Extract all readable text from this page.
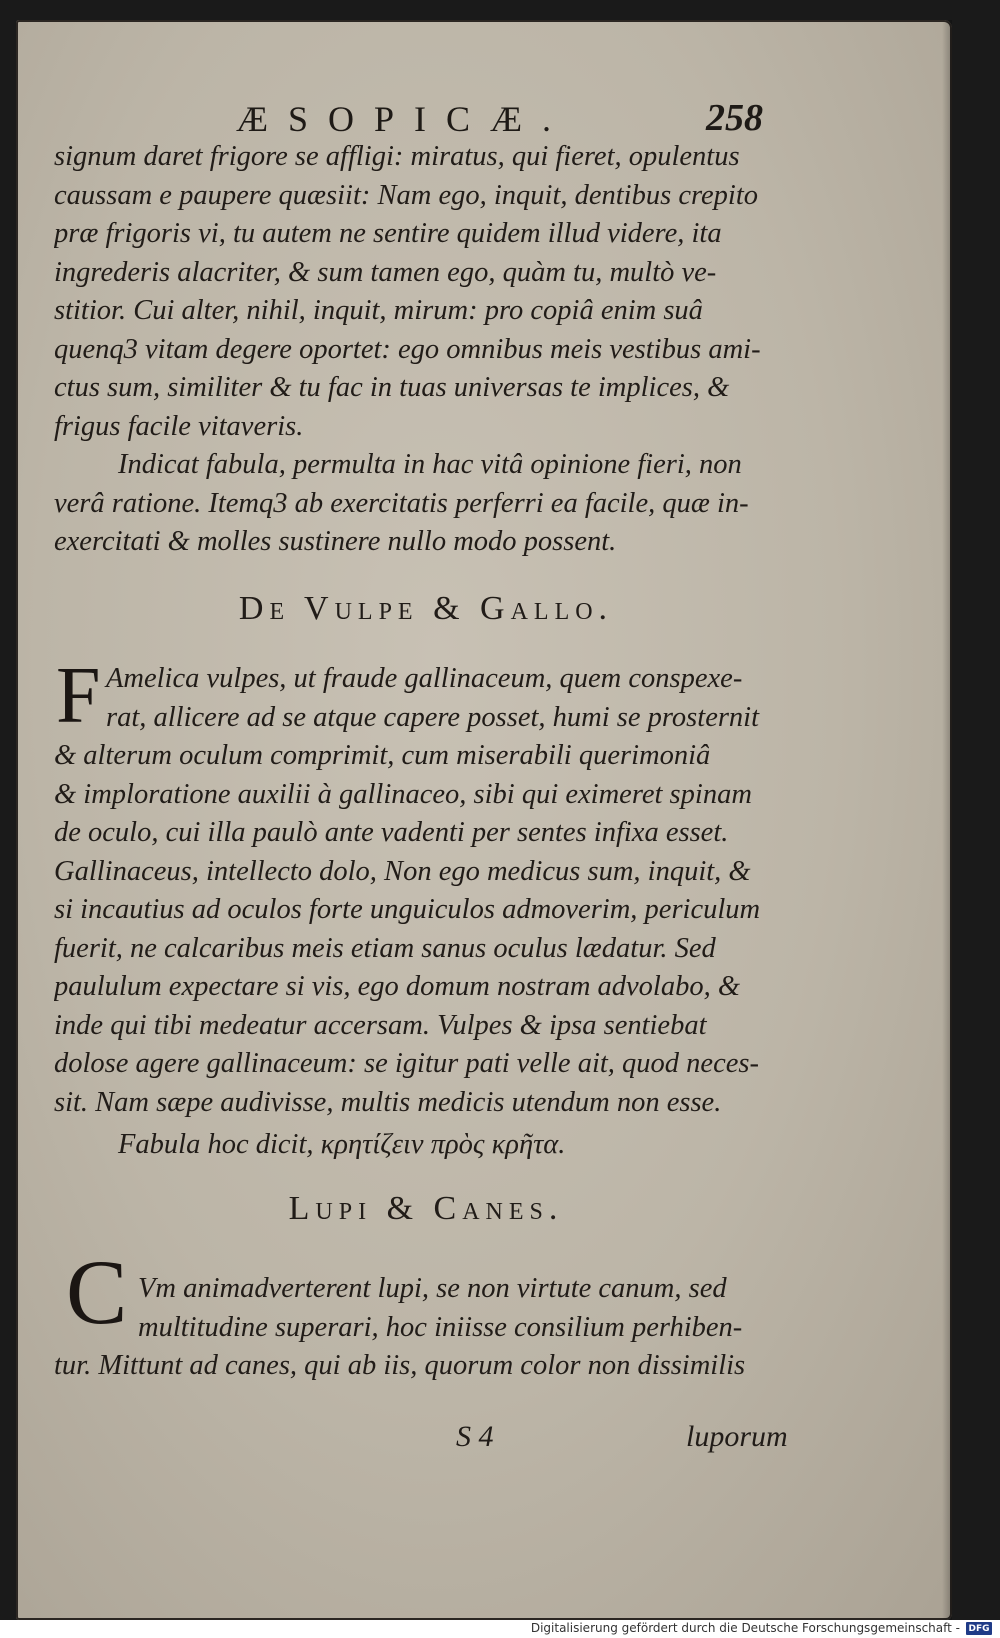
ÆSOPICÆ.	258
signum daret frigore se affligi: miratus, qui fieret, opulentus
caussam e paupere quæsiit: Nam ego, inquit, dentibus crepito
præ frigoris vi, tu autem ne sentire quidem illud videre, ita
ingrederis alacriter, & sum tamen ego, quàm tu, multò ve-
stitior. Cui alter, nihil, inquit, mirum: pro copiâ enim suâ
quenq3 vitam degere oportet: ego omnibus meis vestibus ami-
ctus sum, similiter & tu fac in tuas universas te implices, &
frigus facile vitaveris.
Indicat fabula, permulta in hac vitâ opinione fieri, non
verâ ratione. Itemq3 ab exercitatis perferri ea facile, quæ in-
exercitati & molles sustinere nullo modo possent.
De Vulpe & Gallo.
F Amelica vulpes, ut fraude gallinaceum, quem conspexe-
rat, allicere ad se atque capere posset, humi se prosternit
& alterum oculum comprimit, cum miserabili querimoniâ
& imploratione auxilii à gallinaceo, sibi qui eximeret spinam
de oculo, cui illa paulò ante vadenti per sentes infixa esset.
Gallinaceus, intellecto dolo, Non ego medicus sum, inquit, &
si incautius ad oculos forte unguiculos admoverim, periculum
fuerit, ne calcaribus meis etiam sanus oculus lædatur. Sed
paululum expectare si vis, ego domum nostram advolabo, &
inde qui tibi medeatur accersam. Vulpes & ipsa sentiebat
dolose agere gallinaceum: se igitur pati velle ait, quod neces-
sit. Nam sæpe audivisse, multis medicis utendum non esse.
Fabula hoc dicit, κρητίζειν πρὸς κρῆτα.
Lupi & Canes.
C Vm animadverterent lupi, se non virtute canum, sed
multitudine superari, hoc iniisse consilium perhiben-
tur. Mittunt ad canes, qui ab iis, quorum color non dissimilis
S 4	luporum
Digitalisierung gefördert durch die Deutsche Forschungsgemeinschaft - DFG
